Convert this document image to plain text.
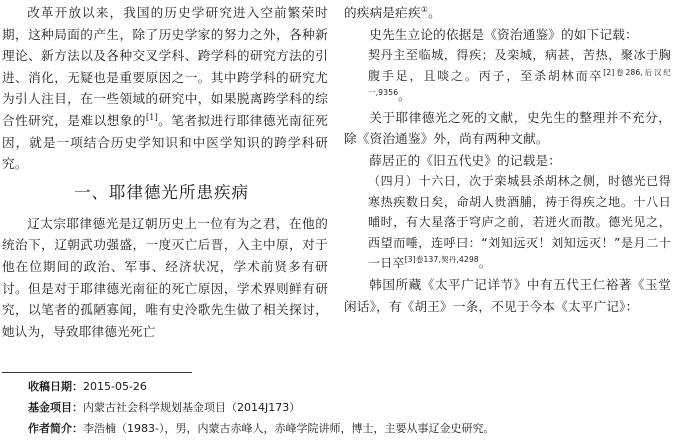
改革开放以来，我国的历史学研究进入空前繁荣时期，这种局面的产生，除了历史学家的努力之外，各种新理论、新方法以及各种交叉学科、跨学科的研究方法的引进、消化，无疑也是重要原因之一。其中跨学科的研究尤为引人注目，在一些领域的研究中，如果脱离跨学科的综合性研究，是难以想象的[1]。笔者拟进行耶律德光南征死因，就是一项结合历史学知识和中医学知识的跨学科研究。

一、耶律德光所患疾病

辽太宗耶律德光是辽朝历史上一位有为之君，在他的统治下，辽朝武功强盛，一度灭亡后晋，入主中原，对于他在位期间的政治、军事、经济状况，学术前贤多有研讨。但是对于耶律德光南征的死亡原因，学术界则鲜有研究，以笔者的孤陋寡闻，唯有史泠歌先生做了相关探讨，她认为，导致耶律德光死亡

的疾病是疟疾①。

史先生立论的依据是《资治通鉴》的如下记载：

契丹主至临城，得疾；及栾城，病甚，苦热，聚冰于胸腹手足，且啖之。丙子，至杀胡林而卒$^{[2]卷286,后汉纪一,9356}$。

关于耶律德光之死的文献，史先生的整理并不充分，除《资治通鉴》外，尚有两种文献。

薛居正的《旧五代史》的记载是：

（四月）十六日，次于栾城县杀胡林之侧，时德光已得寒热疾数日矣，命胡人贵酒脯，祷于得疾之地。十八日晡时，有大星落于穹庐之前，若迸火而散。德光见之，西望而唾，连呼曰：“刘知远灭！刘知远灭！”是月二十一日卒$^{[3]卷137,契丹,4298}$。

韩国所藏《太平广记详节》中有五代王仁裕著《玉堂闲话》，有《胡王》一条，不见于今本《太平广记》：

收稿日期：2015-05-26
基金项目：内蒙古社会科学规划基金项目（2014J173）
作者简介：李浩楠（1983-），男，内蒙古赤峰人，赤峰学院讲师，博士，主要从事辽金史研究。
